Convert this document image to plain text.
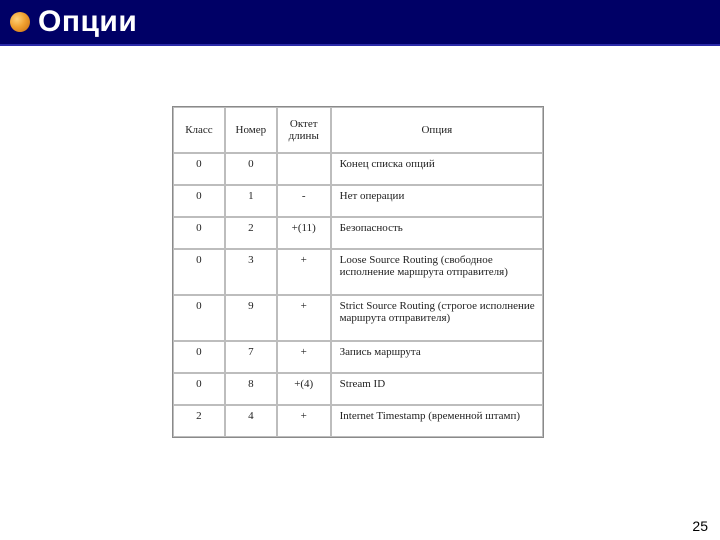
Опции
Класс	Номер	Октет длины	Опция
0	0		Конец списка опций
0	1	-	Нет операции
0	2	+(11)	Безопасность
0	3	+	Loose Source Routing (свободное исполнение маршрута отправителя)
0	9	+	Strict Source Routing (строгое исполнение маршрута отправителя)
0	7	+	Запись маршрута
0	8	+(4)	Stream ID
2	4	+	Internet Timestamp (временной штамп)
25
